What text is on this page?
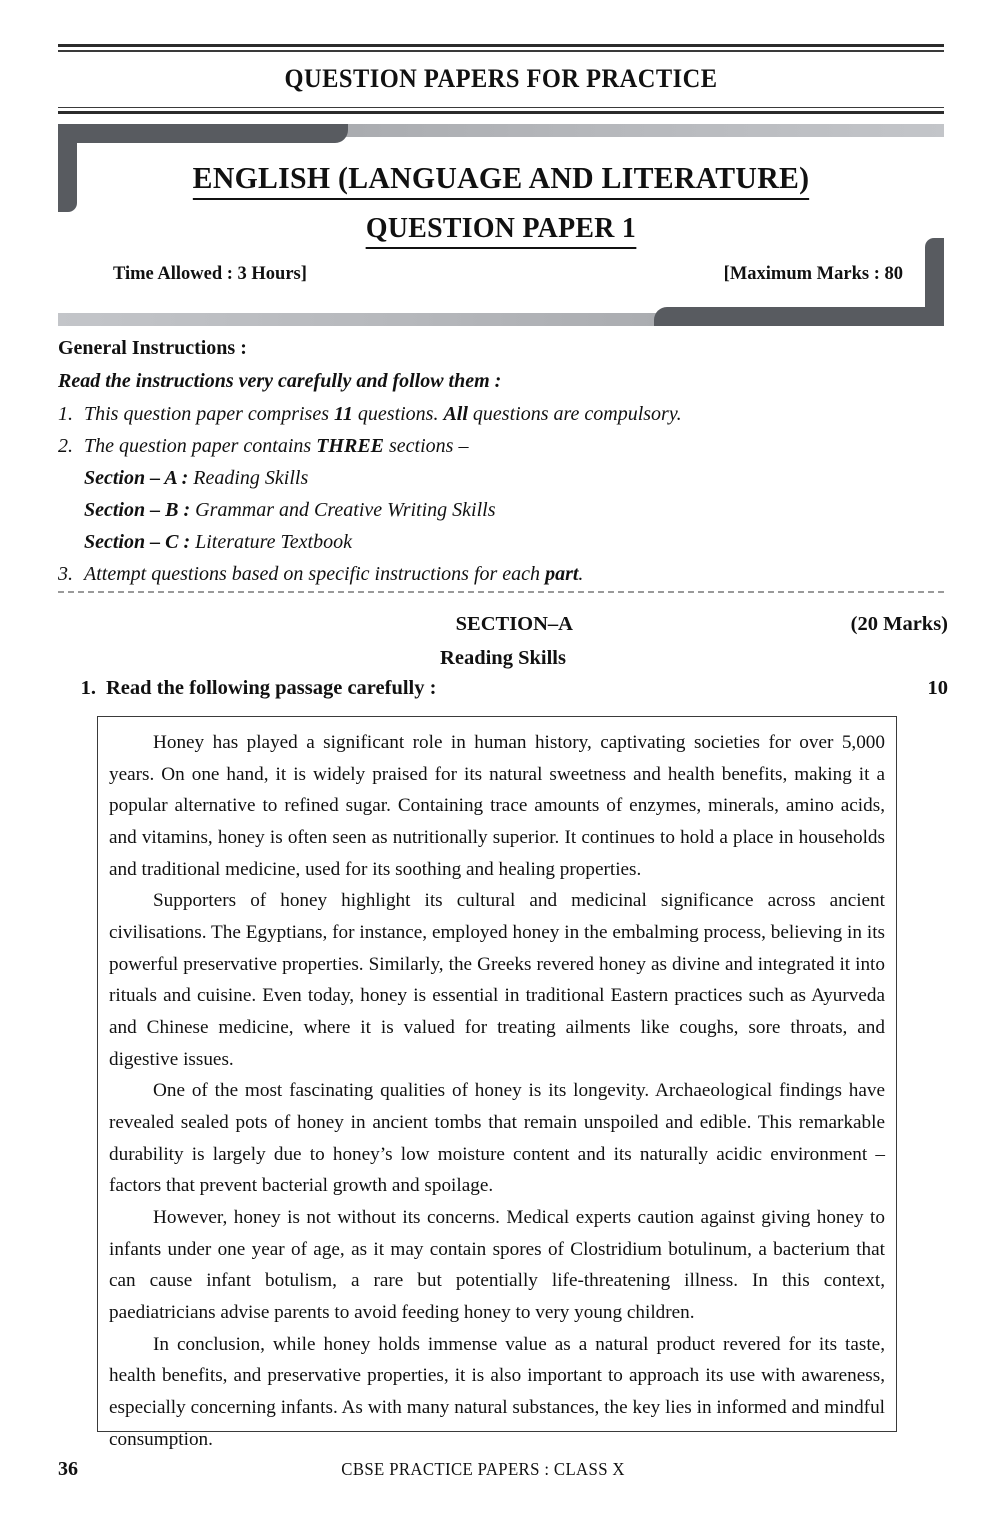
QUESTION PAPERS FOR PRACTICE
ENGLISH (LANGUAGE AND LITERATURE)
QUESTION PAPER 1
Time Allowed : 3 Hours]	[Maximum Marks : 80
General Instructions :
Read the instructions very carefully and follow them :
1. This question paper comprises 11 questions. All questions are compulsory.
2. The question paper contains THREE sections –
Section – A : Reading Skills
Section – B : Grammar and Creative Writing Skills
Section – C : Literature Textbook
3. Attempt questions based on specific instructions for each part.
SECTION–A	(20 Marks)
Reading Skills
1. Read the following passage carefully :	10

Honey has played a significant role in human history, captivating societies for over 5,000 years. On one hand, it is widely praised for its natural sweetness and health benefits, making it a popular alternative to refined sugar. Containing trace amounts of enzymes, minerals, amino acids, and vitamins, honey is often seen as nutritionally superior. It continues to hold a place in households and traditional medicine, used for its soothing and healing properties.

Supporters of honey highlight its cultural and medicinal significance across ancient civilisations. The Egyptians, for instance, employed honey in the embalming process, believing in its powerful preservative properties. Similarly, the Greeks revered honey as divine and integrated it into rituals and cuisine. Even today, honey is essential in traditional Eastern practices such as Ayurveda and Chinese medicine, where it is valued for treating ailments like coughs, sore throats, and digestive issues.

One of the most fascinating qualities of honey is its longevity. Archaeological findings have revealed sealed pots of honey in ancient tombs that remain unspoiled and edible. This remarkable durability is largely due to honey’s low moisture content and its naturally acidic environment – factors that prevent bacterial growth and spoilage.

However, honey is not without its concerns. Medical experts caution against giving honey to infants under one year of age, as it may contain spores of Clostridium botulinum, a bacterium that can cause infant botulism, a rare but potentially life-threatening illness. In this context, paediatricians advise parents to avoid feeding honey to very young children.

In conclusion, while honey holds immense value as a natural product revered for its taste, health benefits, and preservative properties, it is also important to approach its use with awareness, especially concerning infants. As with many natural substances, the key lies in informed and mindful consumption.

36	CBSE PRACTICE PAPERS : CLASS X
